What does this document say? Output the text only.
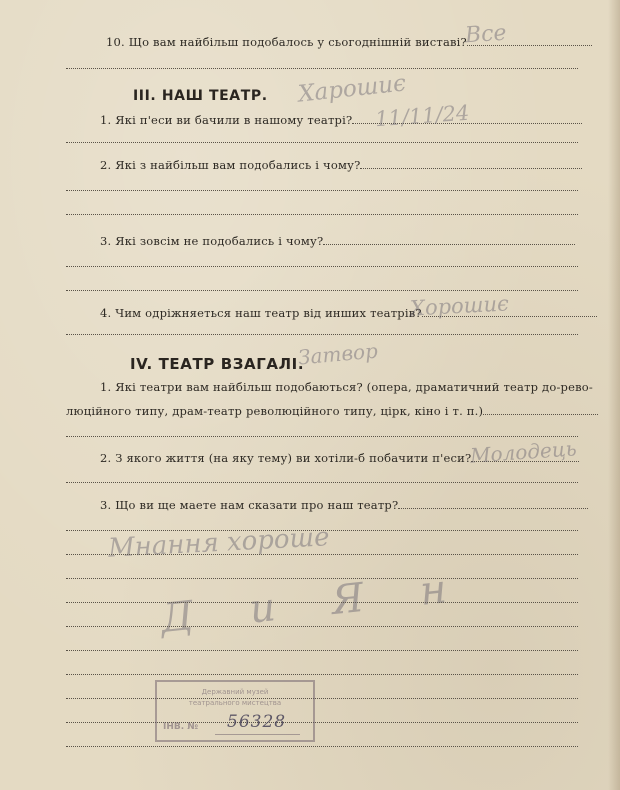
10. Що вам найбільш подобалось у сьогоднішній виставі?
Все
III. НАШ ТЕАТР. Харошиє
1. Які п'еси ви бачили в нашому театрі?	11/11/24
2. Які з найбільш вам подобались і чому?
3. Які зовсім не подобались і чому?
4. Чим одріжняеться наш театр від инших театрів?
Хорошиє
IV. ТЕАТР ВЗАГАЛІ.
Затвор
1. Які театри вам найбільш подобаються? (опера, драматичний театр до-рево-
люційного типу, драм-театр революційного типу, цірк, кіно і т. п.)
2. З якого життя (на яку тему) ви хотіли-б побачити п'еси?
Молодець
3. Що ви ще маете нам сказати про наш театр?
Мнання хороше
Д и Я н
Державний музей
театрального мистецтва
ІНВ. № 56328
